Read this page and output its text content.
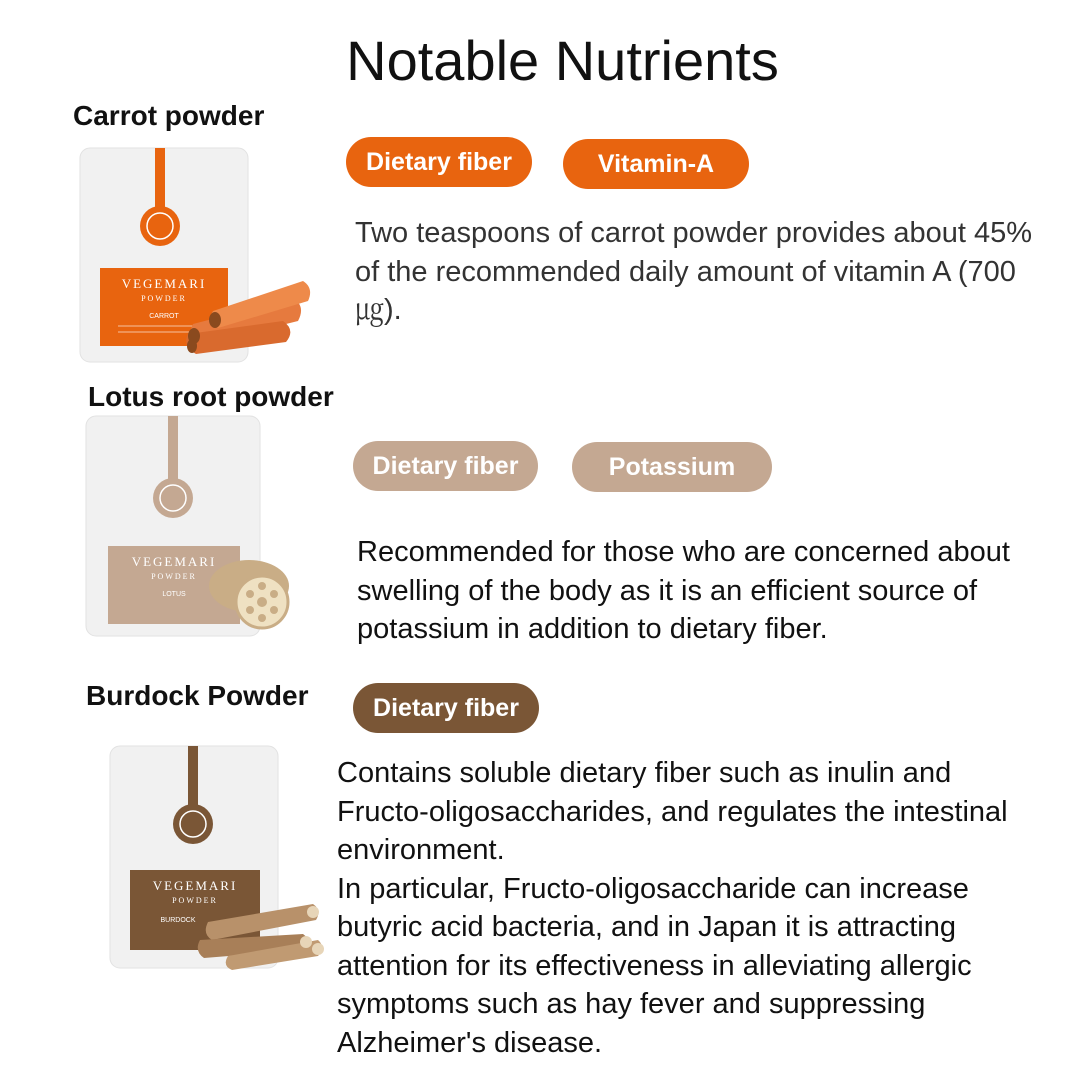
Notable Nutrients
Carrot powder
VEGEMARI
POWDER
CARROT
Dietary fiber	Vitamin-A
Two teaspoons of carrot powder provides about 45% of the recommended daily amount of vitamin A (700㎍).
Lotus root powder
VEGEMARI
POWDER
LOTUS
Dietary fiber	Potassium
Recommended for those who are concerned about swelling of the body as it is an efficient source of potassium in addition to dietary fiber.
Burdock Powder	Dietary fiber
VEGEMARI
POWDER
BURDOCK

Contains soluble dietary fiber such as inulin and Fructo-oligosaccharides, and regulates the intestinal environment.

In particular, Fructo-oligosaccharide can increase butyric acid bacteria, and in Japan it is attracting attention for its effectiveness in alleviating allergic symptoms such as hay fever and suppressing Alzheimer's disease.
